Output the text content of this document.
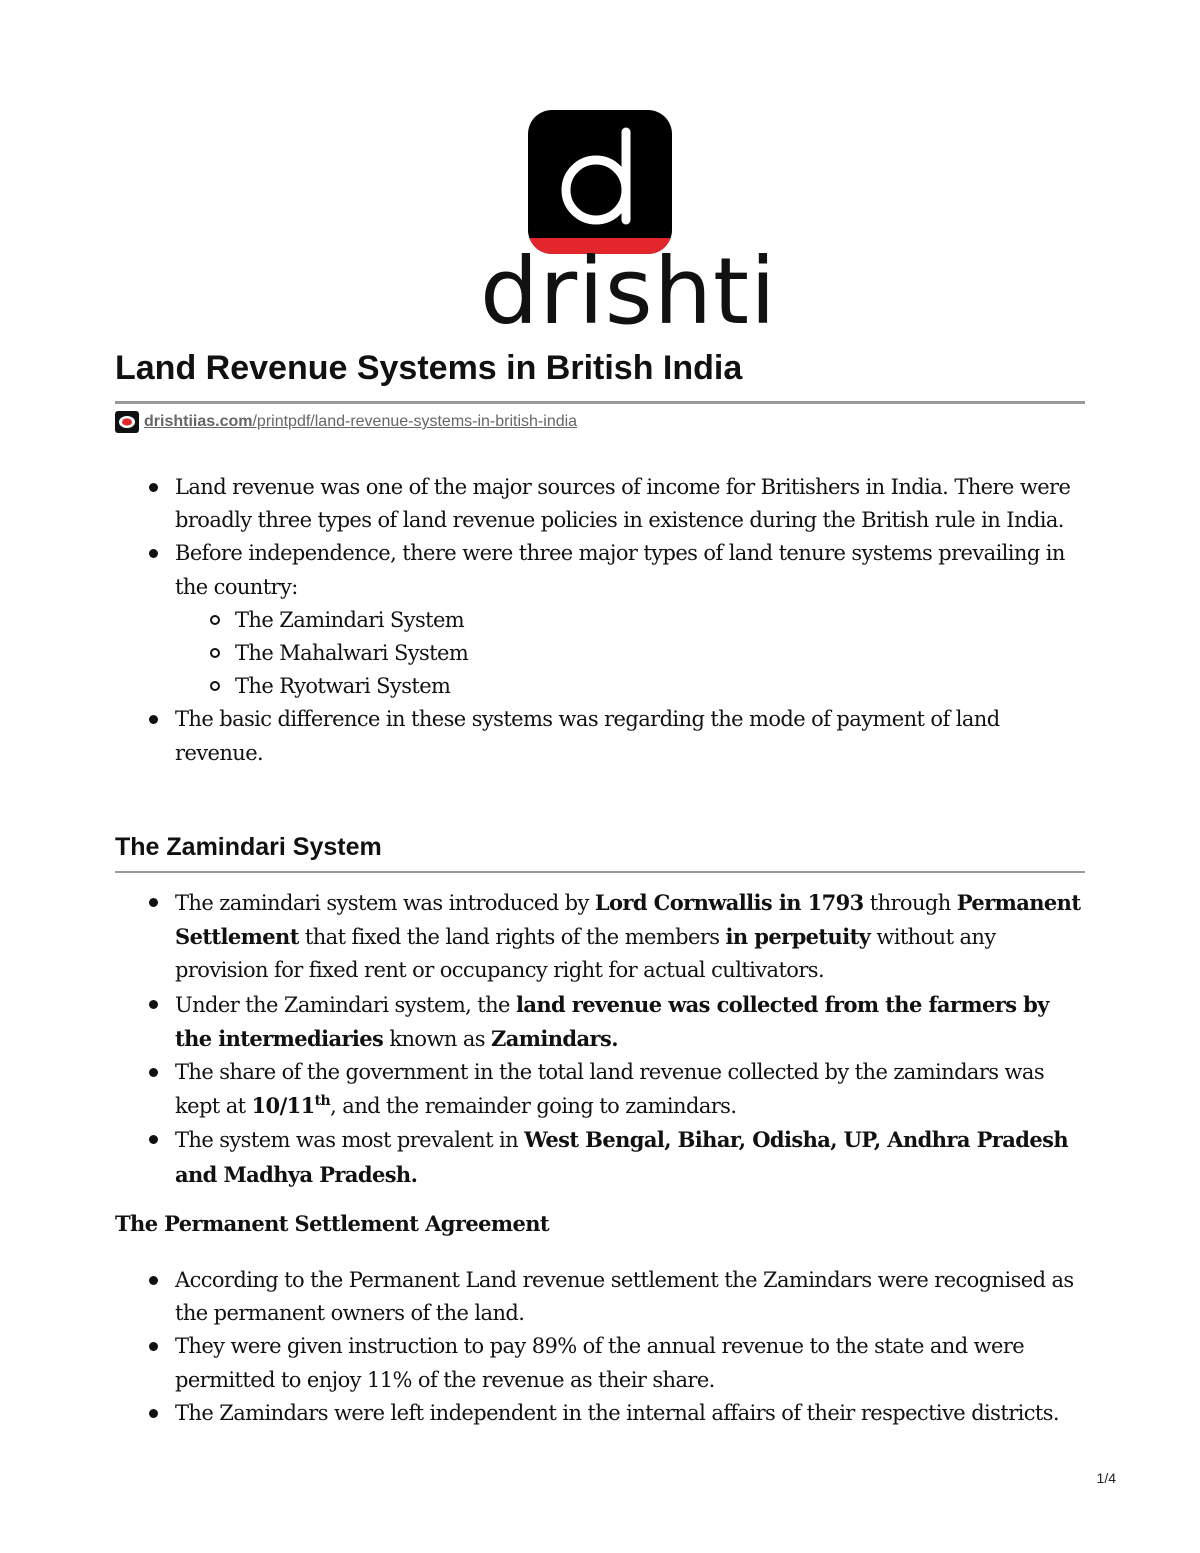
drishti
Land Revenue Systems in British India
drishtiias.com /printpdf/land-revenue-systems-in-british-india
Land revenue was one of the major sources of income for Britishers in India. There were broadly three types of land revenue policies in existence during the British rule in India.
Before independence, there were three major types of land tenure systems prevailing in the country:
The Zamindari System
The Mahalwari System
The Ryotwari System
The basic difference in these systems was regarding the mode of payment of land revenue.
The Zamindari System
The zamindari system was introduced by Lord Cornwallis in 1793 through Permanent Settlement that fixed the land rights of the members in perpetuity without any provision for fixed rent or occupancy right for actual cultivators.
Under the Zamindari system, the land revenue was collected from the farmers by the intermediaries known as Zamindars.
The share of the government in the total land revenue collected by the zamindars was kept at 10/11th, and the remainder going to zamindars.
The system was most prevalent in West Bengal, Bihar, Odisha, UP, Andhra Pradesh and Madhya Pradesh.
The Permanent Settlement Agreement
According to the Permanent Land revenue settlement the Zamindars were recognised as the permanent owners of the land.
They were given instruction to pay 89% of the annual revenue to the state and were permitted to enjoy 11% of the revenue as their share.
The Zamindars were left independent in the internal affairs of their respective districts.
1/4
